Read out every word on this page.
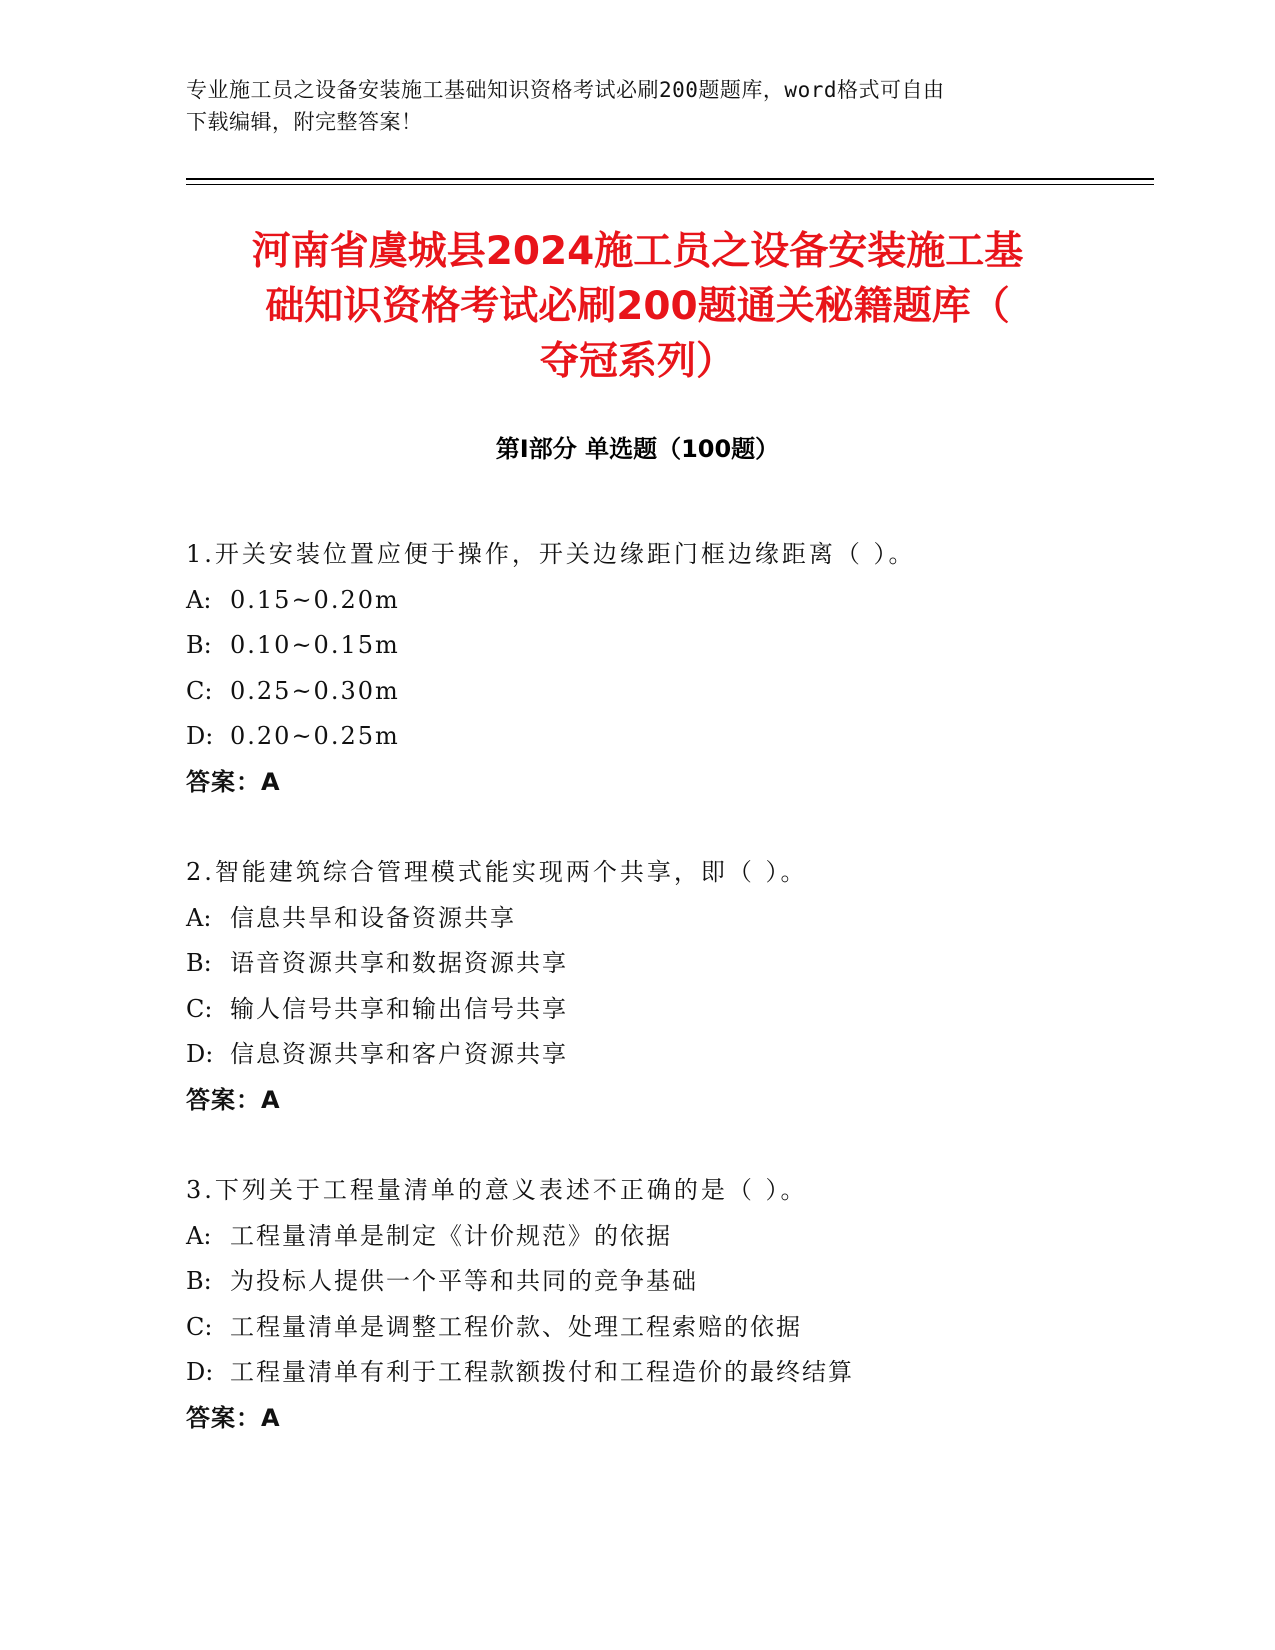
专业施工员之设备安装施工基础知识资格考试必刷200题题库，word格式可自由
下载编辑，附完整答案！
河南省虞城县2024施工员之设备安装施工基
础知识资格考试必刷200题通关秘籍题库（
夺冠系列）
第Ⅰ部分 单选题（100题）
1.开关安装位置应便于操作，开关边缘距门框边缘距离（ ）。
A: 0.15~0.20m
B: 0.10~0.15m
C: 0.25~0.30m
D: 0.20~0.25m
答案：A
2.智能建筑综合管理模式能实现两个共享，即（ ）。
A: 信息共旱和设备资源共享
B: 语音资源共享和数据资源共享
C: 输人信号共享和输出信号共享
D: 信息资源共享和客户资源共享
答案：A
3.下列关于工程量清单的意义表述不正确的是（ ）。
A: 工程量清单是制定《计价规范》的依据
B: 为投标人提供一个平等和共同的竞争基础
C: 工程量清单是调整工程价款、处理工程索赔的依据
D: 工程量清单有利于工程款额拨付和工程造价的最终结算
答案：A
